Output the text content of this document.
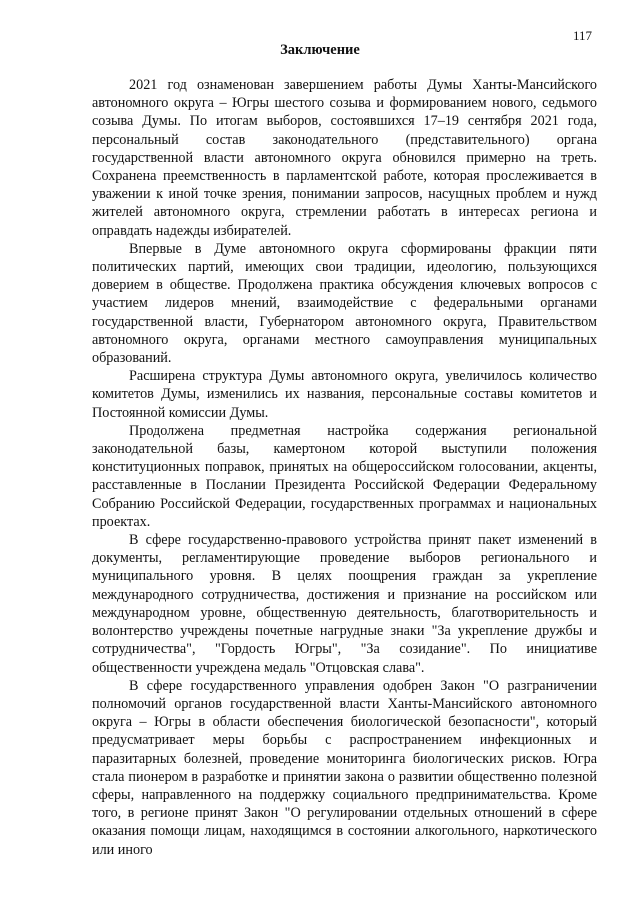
117
Заключение

2021 год ознаменован завершением работы Думы Ханты-Мансийского автономного округа – Югры шестого созыва и формированием нового, седьмого созыва Думы. По итогам выборов, состоявшихся 17–19 сентября 2021 года, персональный состав законодательного (представительного) органа государственной власти автономного округа обновился примерно на треть. Сохранена преемственность в парламентской работе, которая прослеживается в уважении к иной точке зрения, понимании запросов, насущных проблем и нужд жителей автономного округа, стремлении работать в интересах региона и оправдать надежды избирателей.

Впервые в Думе автономного округа сформированы фракции пяти политических партий, имеющих свои традиции, идеологию, пользующихся доверием в обществе. Продолжена практика обсуждения ключевых вопросов с участием лидеров мнений, взаимодействие с федеральными органами государственной власти, Губернатором автономного округа, Правительством автономного округа, органами местного самоуправления муниципальных образований.

Расширена структура Думы автономного округа, увеличилось количество комитетов Думы, изменились их названия, персональные составы комитетов и Постоянной комиссии Думы.

Продолжена предметная настройка содержания региональной законодательной базы, камертоном которой выступили положения конституционных поправок, принятых на общероссийском голосовании, акценты, расставленные в Послании Президента Российской Федерации Федеральному Собранию Российской Федерации, государственных программах и национальных проектах.

В сфере государственно-правового устройства принят пакет изменений в документы, регламентирующие проведение выборов регионального и муниципального уровня. В целях поощрения граждан за укрепление международного сотрудничества, достижения и признание на российском или международном уровне, общественную деятельность, благотворительность и волонтерство учреждены почетные нагрудные знаки "За укрепление дружбы и сотрудничества", "Гордость Югры", "За созидание". По инициативе общественности учреждена медаль "Отцовская слава".

В сфере государственного управления одобрен Закон "О разграничении полномочий органов государственной власти Ханты-Мансийского автономного округа – Югры в области обеспечения биологической безопасности", который предусматривает меры борьбы с распространением инфекционных и паразитарных болезней, проведение мониторинга биологических рисков. Югра стала пионером в разработке и принятии закона о развитии общественно полезной сферы, направленного на поддержку социального предпринимательства. Кроме того, в регионе принят Закон "О регулировании отдельных отношений в сфере оказания помощи лицам, находящимся в состоянии алкогольного, наркотического или иного
